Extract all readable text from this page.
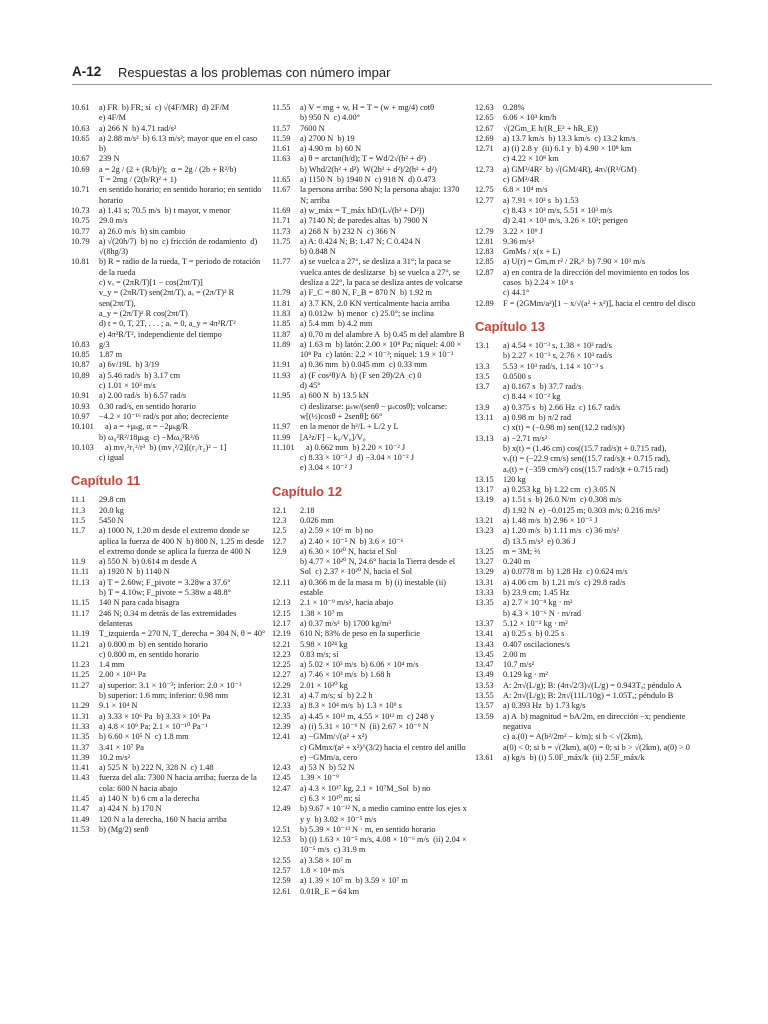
A-12 Respuestas a los problemas con número impar
10.61	a) FR  b) FR; sí  c) √(4F/MR)  d) 2F/M
e) 4F/M
10.63	a) 266 N  b) 4.71 rad/s²
10.65	a) 2.88 m/s²  b) 6.13 m/s²; mayor que en el caso b)
10.67	239 N
10.69	a = 2g / (2 + (R/b)²);  α = 2g / (2b + R²/b)
T = 2mg / (2(b/R)² + 1)
10.71	en sentido horario; en sentido horario; en sentido horario
10.73	a) 1.41 s; 70.5 m/s  b) t mayor, v menor
10.75	29.0 m/s
10.77	a) 26.0 m/s  b) sin cambio
10.79	a) √(20h/7)  b) no  c) fricción de rodamiento  d) √(8hg/3)
10.81	b) R = radio de la rueda, T = periodo de rotación de la rueda
c) vₓ = (2πR/T)[1 − cos(2πt/T)]
v_y = (2πR/T) sen(2πt/T), aₓ = (2π/T)² R sen(2πt/T),
a_y = (2π/T)² R cos(2πt/T)
d) t = 0, T, 2T, . . . ; aₓ = 0, a_y = 4π²R/T²
e) 4π²R/T², independiente del tiempo
10.83	g/3
10.85	1.87 m
10.87	a) 6v/19L  b) 3/19
10.89	a) 5.46 rad/s  b) 3.17 cm
c) 1.01 × 10³ m/s
10.91	a) 2.00 rad/s  b) 6.57 rad/s
10.93	0.30 rad/s, en sentido horario
10.97	−4.2 × 10⁻¹⁶ rad/s por año; decreciente
10.101	a) a = +μₖg, α = −2μₖg/R
b) ω₀²R²/18μₖg  c) −Mω₀²R²/6
10.103	a) mv₁²r₁²/r³  b) (mv₁²/2)[(r₁/r₂)² − 1]
c) igual
Capítulo 11
11.1	29.8 cm
11.3	20.0 kg
11.5	5450 N
11.7	a) 1000 N, 1.20 m desde el extremo donde se aplica la fuerza de 400 N  b) 800 N, 1.25 m desde el extremo donde se aplica la fuerza de 400 N
11.9	a) 550 N  b) 0.614 m desde A
11.11	a) 1920 N  b) 1140 N
11.13	a) T = 2.60w; F_pivote = 3.28w a 37.6°
b) T = 4.10w; F_pivote = 5.38w a 48.8°
11.15	140 N para cada bisagra
11.17	246 N; 0.34 m detrás de las extremidades delanteras
11.19	T_izquierda = 270 N, T_derecha = 304 N, θ = 40°
11.21	a) 0.800 m  b) en sentido horario
c) 0.800 m, en sentido horario
11.23	1.4 mm
11.25	2.00 × 10¹¹ Pa
11.27	a) superior: 3.1 × 10⁻³; inferior: 2.0 × 10⁻³
b) superior: 1.6 mm; inferior: 0.98 mm
11.29	9.1 × 10⁴ N
11.31	a) 3.33 × 10⁶ Pa  b) 3.33 × 10⁶ Pa
11.33	a) 4.8 × 10⁹ Pa; 2.1 × 10⁻¹⁰ Pa⁻¹
11.35	b) 6.60 × 10⁵ N  c) 1.8 mm
11.37	3.41 × 10⁷ Pa
11.39	10.2 m/s²
11.41	a) 525 N  b) 222 N, 328 N  c) 1.48
11.43	fuerza del ala: 7300 N hacia arriba; fuerza de la cola: 600 N hacia abajo
11.45	a) 140 N  b) 6 cm a la derecha
11.47	a) 424 N  b) 170 N
11.49	120 N a la derecha, 160 N hacia arriba
11.53	b) (Mg/2) senθ
11.55	a) V = mg + w, H = T = (w + mg/4) cotθ
b) 950 N  c) 4.00°
11.57	7600 N
11.59	a) 2700 N  b) 19
11.61	a) 4.90 m  b) 60 N
11.63	a) θ = arctan(h/d); T = Wd/2√(h² + d²)
b) Whd/2(h² + d²)  W(2h² + d²)/2(h² + d²)
11.65	a) 1150 N  b) 1940 N  c) 918 N  d) 0.473
11.67	la persona arriba: 590 N; la persona abajo: 1370 N; arriba
11.69	a) w_máx = T_máx hD/(L√(h² + D²))
11.71	a) 7140 N; de paredes altas  b) 7900 N
11.73	a) 268 N  b) 232 N  c) 366 N
11.75	a) A: 0.424 N; B: 1.47 N; C 0.424 N
b) 0.848 N
11.77	a) se vuelca a 27°, se desliza a 31°; la paca se vuelca antes de deslizarse  b) se vuelca a 27°, se desliza a 22°, la paca se desliza antes de volcarse
11.79	a) F_C = 80 N, F_B = 870 N  b) 1.92 m
11.81	a) 3.7 KN, 2.0 KN verticalmente hacia arriba
11.83	a) 0.012w  b) menor  c) 25.0°; se inclina
11.85	a) 5.4 mm  b) 4.2 mm
11.87	a) 0.70 m del alambre A  b) 0.45 m del alambre B
11.89	a) 1.63 m  b) latón: 2.00 × 10⁸ Pa; níquel: 4.00 × 10⁸ Pa  c) latón: 2.2 × 10⁻³; níquel: 1.9 × 10⁻³
11.91	a) 0.36 mm  b) 0.045 mm  c) 0.33 mm
11.93	a) (F cos²θ)/A  b) (F sen 2θ)/2A  c) 0
d) 45°
11.95	a) 600 N  b) 13.5 kN
c) deslizarse: μₛw/(senθ − μₛcosθ); volcarse: w[(½)cosθ + 2senθ]; 66°
11.97	en la menor de h²/L + L/2 y L
11.99	[A²z/F] − k₀/V₀]/V₀
11.101	a) 0.662 mm  b) 2.20 × 10⁻² J
c) 8.33 × 10⁻³ J  d) −3.04 × 10⁻² J
e) 3.04 × 10⁻² J
Capítulo 12
12.1	2.18
12.3	0.026 mm
12.5	a) 2.59 × 10⁶ m  b) no
12.7	a) 2.40 × 10⁻⁵ N  b) 3.6 × 10⁻⁶
12.9	a) 6.30 × 10²⁰ N, hacia el Sol
b) 4.77 × 10²⁰ N, 24.6° hacia la Tierra desde el Sol  c) 2.37 × 10²⁰ N, hacia el Sol
12.11	a) 0.366 m de la masa m  b) (i) inestable (ii) estable
12.13	2.1 × 10⁻⁹ m/s², hacia abajo
12.15	1.38 × 10⁷ m
12.17	a) 0.37 m/s²  b) 1700 kg/m³
12.19	610 N; 83% de peso en la superficie
12.21	5.98 × 10²⁴ kg
12.23	0.83 m/s; sí
12.25	a) 5.02 × 10³ m/s  b) 6.06 × 10⁴ m/s
12.27	a) 7.46 × 10³ m/s  b) 1.68 h
12.29	2.01 × 10³⁰ kg
12.31	a) 4.7 m/s; sí  b) 2.2 h
12.33	a) 8.3 × 10⁴ m/s  b) 1.3 × 10⁹ s
12.35	a) 4.45 × 10¹² m, 4.55 × 10¹² m  c) 248 y
12.39	a) (i) 5.31 × 10⁻⁹ N  (ii) 2.67 × 10⁻⁹ N
12.41	a) −GMm/√(a² + x²)
c) GMmx/(a² + x²)^(3/2) hacia el centro del anillo  e) −GMm/a, cero
12.43	a) 53 N  b) 52 N
12.45	1.39 × 10⁻⁹
12.47	a) 4.3 × 10³⁷ kg, 2.1 × 10⁷M_Sol  b) no
c) 6.3 × 10¹⁰ m; sí
12.49	b) 9.67 × 10⁻¹² N, a medio camino entre los ejes x y y  b) 3.02 × 10⁻⁵ m/s
12.51	b) 5.39 × 10⁻¹³ N · m, en sentido horario
12.53	b) (i) 1.63 × 10⁻⁵ m/s, 4.08 × 10⁻⁶ m/s  (ii) 2.04 × 10⁻⁵ m/s  c) 31.9 m
12.55	a) 3.58 × 10⁷ m
12.57	1.8 × 10⁴ m/s
12.59	a) 1.39 × 10⁷ m  b) 3.59 × 10⁷ m
12.61	0.01R_E = 64 km
12.63	0.28%
12.65	6.06 × 10³ km/h
12.67	√(2Gm_E h/(R_E² + hR_E))
12.69	a) 13.7 km/s  b) 13.3 km/s  c) 13.2 km/s
12.71	a) (i) 2.8 y  (ii) 6.1 y  b) 4.90 × 10⁸ km
c) 4.22 × 10⁸ km
12.73	a) GM²/4R²  b) √(GM/4R), 4π√(R³/GM)
c) GM²/4R
12.75	6.8 × 10⁴ m/s
12.77	a) 7.91 × 10³ s  b) 1.53
c) 8.43 × 10³ m/s, 5.51 × 10³ m/s
d) 2.41 × 10³ m/s, 3.26 × 10³; perigeo
12.79	3.22 × 10⁹ J
12.81	9.36 m/s²
12.83	GmMs / x(x + L)
12.85	a) U(r) = Gmₑm r² / 2Rₑ³  b) 7.90 × 10³ m/s
12.87	a) en contra de la dirección del movimiento en todos los casos  b) 2.24 × 10³ s
c) 44.1°
12.89	F = (2GMm/a²)[1 − x/√(a² + x²)], hacia el centro del disco
Capítulo 13
13.1	a) 4.54 × 10⁻³ s, 1.38 × 10³ rad/s
b) 2.27 × 10⁻³ s, 2.76 × 10³ rad/s
13.3	5.53 × 10³ rad/s, 1.14 × 10⁻³ s
13.5	0.0500 s
13.7	a) 0.167 s  b) 37.7 rad/s
c) 8.44 × 10⁻² kg
13.9	a) 0.375 s  b) 2.66 Hz  c) 16.7 rad/s
13.11	a) 0.98 m  b) π/2 rad
c) x(t) = (−0.98 m) sen((12.2 rad/s)t)
13.13	a) −2.71 m/s²
b) x(t) = (1.46 cm) cos((15.7 rad/s)t + 0.715 rad),
vₓ(t) = (−22.9 cm/s) sen((15.7 rad/s)t + 0.715 rad),
aₓ(t) = (−359 cm/s²) cos((15.7 rad/s)t + 0.715 rad)
13.15	120 kg
13.17	a) 0.253 kg  b) 1.22 cm  c) 3.05 N
13.19	a) 1.51 s  b) 26.0 N/m  c) 0.308 m/s
d) 1.92 N  e) −0.0125 m; 0.303 m/s; 0.216 m/s²
13.21	a) 1.48 m/s  b) 2.96 × 10⁻⁵ J
13.23	a) 1.20 m/s  b) 1.11 m/s  c) 36 m/s²
d) 13.5 m/s²  e) 0.36 J
13.25	m = 3M; ⅔
13.27	0.240 m
13.29	a) 0.0778 m  b) 1.28 Hz  c) 0.624 m/s
13.31	a) 4.06 cm  b) 1.21 m/s  c) 29.8 rad/s
13.33	b) 23.9 cm; 1.45 Hz
13.35	a) 2.7 × 10⁻⁸ kg · m²
b) 4.3 × 10⁻⁶ N · m/rad
13.37	5.12 × 10⁻² kg · m²
13.41	a) 0.25 s  b) 0.25 s
13.43	0.407 oscilaciones/s
13.45	2.00 m
13.47	10.7 m/s²
13.49	0.129 kg · m²
13.53	A: 2π√(L/g); B: (4π√2/3)√(L/g) = 0.943Tₐ; péndulo A
13.55	A: 2π√(L/g); B: 2π√(11L/10g) = 1.05Tₐ; péndulo B
13.57	a) 0.393 Hz  b) 1.73 kg/s
13.59	a) A  b) magnitud = bA/2m, en dirección −x; pendiente negativa
c) aₓ(0) = A(b²/2m² − k/m); si b < √(2km),
a(0) < 0; si b = √(2km), a(0) = 0; si b > √(2km), a(0) > 0
13.61	a) kg/s  b) (i) 5.0F_máx/k  (ii) 2.5F_máx/k
